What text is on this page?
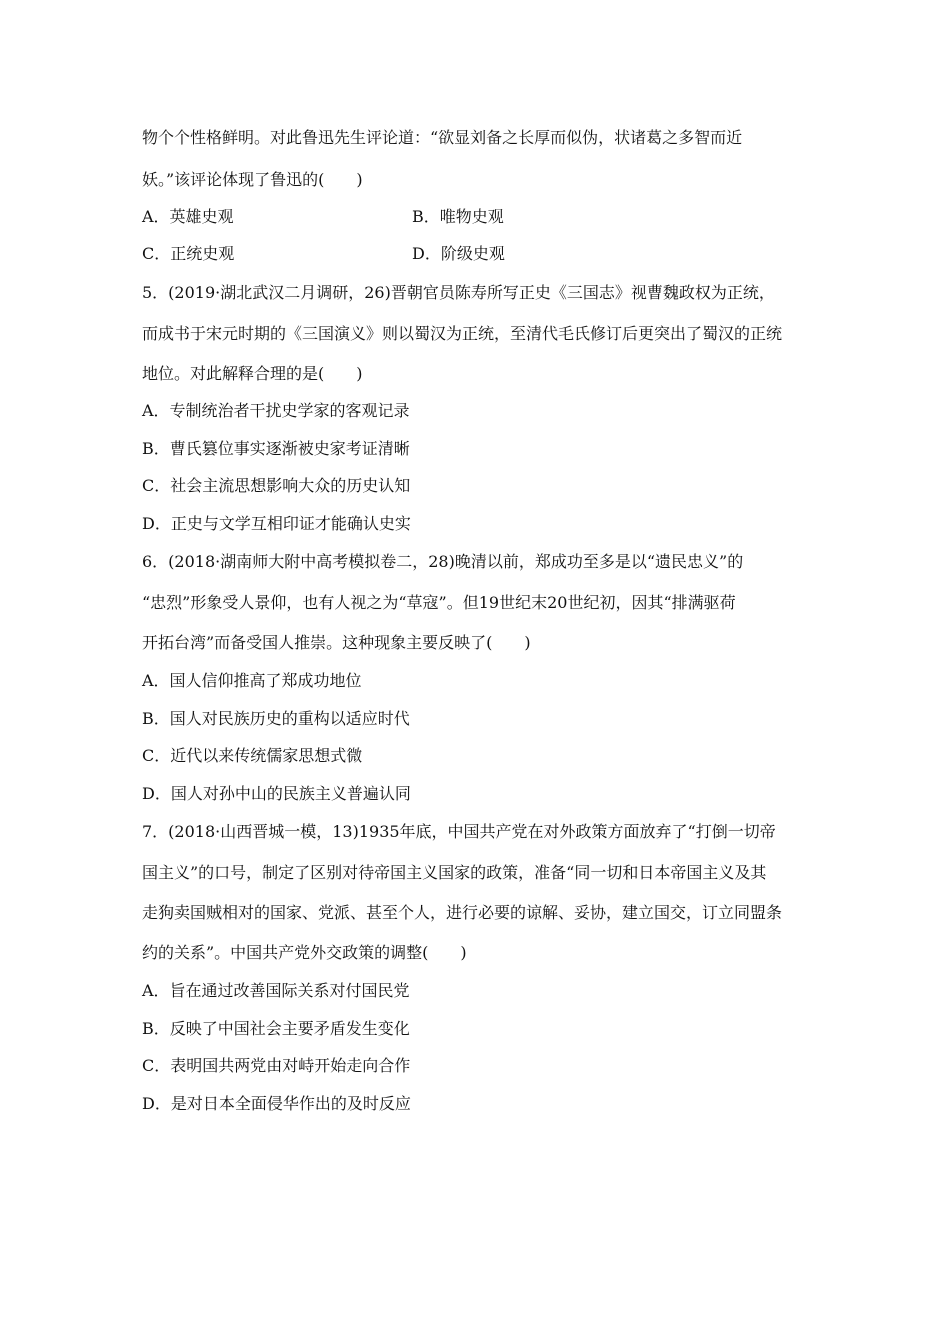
物个个性格鲜明。对此鲁迅先生评论道：“欲显刘备之长厚而似伪，状诸葛之多智而近
妖。”该评论体现了鲁迅的(　　)
A．英雄史观	B．唯物史观
C．正统史观	D．阶级史观
5．(2019·湖北武汉二月调研，26)晋朝官员陈寿所写正史《三国志》视曹魏政权为正统，
而成书于宋元时期的《三国演义》则以蜀汉为正统，至清代毛氏修订后更突出了蜀汉的正统
地位。对此解释合理的是(　　)
A．专制统治者干扰史学家的客观记录
B．曹氏篡位事实逐渐被史家考证清晰
C．社会主流思想影响大众的历史认知
D．正史与文学互相印证才能确认史实
6．(2018·湖南师大附中高考模拟卷二，28)晚清以前，郑成功至多是以“遗民忠义”的
“忠烈”形象受人景仰，也有人视之为“草寇”。但19世纪末20世纪初，因其“排满驱荷
开拓台湾”而备受国人推崇。这种现象主要反映了(　　)
A．国人信仰推高了郑成功地位
B．国人对民族历史的重构以适应时代
C．近代以来传统儒家思想式微
D．国人对孙中山的民族主义普遍认同
7．(2018·山西晋城一模，13)1935年底，中国共产党在对外政策方面放弃了“打倒一切帝
国主义”的口号，制定了区别对待帝国主义国家的政策，准备“同一切和日本帝国主义及其
走狗卖国贼相对的国家、党派、甚至个人，进行必要的谅解、妥协，建立国交，订立同盟条
约的关系”。中国共产党外交政策的调整(　　)
A．旨在通过改善国际关系对付国民党
B．反映了中国社会主要矛盾发生变化
C．表明国共两党由对峙开始走向合作
D．是对日本全面侵华作出的及时反应
